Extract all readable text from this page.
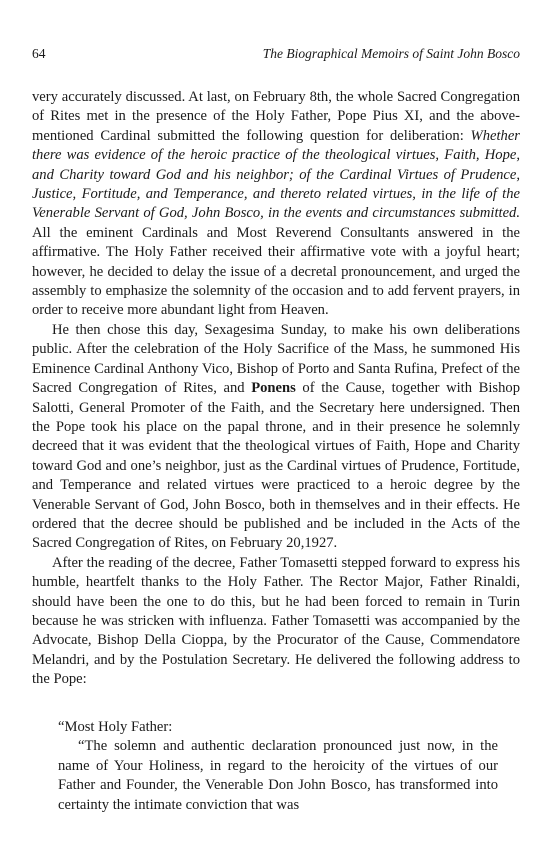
64	The Biographical Memoirs of Saint John Bosco

very accurately discussed. At last, on February 8th, the whole Sacred Congregation of Rites met in the presence of the Holy Father, Pope Pius XI, and the above-mentioned Cardinal submitted the following question for deliberation: Whether there was evidence of the heroic practice of the theological virtues, Faith, Hope, and Charity toward God and his neighbor; of the Cardinal Virtues of Prudence, Justice, Fortitude, and Temperance, and thereto related virtues, in the life of the Venerable Servant of God, John Bosco, in the events and circumstances submitted. All the eminent Cardinals and Most Reverend Consultants answered in the affirmative. The Holy Father received their affirmative vote with a joyful heart; however, he decided to delay the issue of a decretal pronouncement, and urged the assembly to emphasize the solemnity of the occasion and to add fervent prayers, in order to receive more abundant light from Heaven.

He then chose this day, Sexagesima Sunday, to make his own deliberations public. After the celebration of the Holy Sacrifice of the Mass, he summoned His Eminence Cardinal Anthony Vico, Bishop of Porto and Santa Rufina, Prefect of the Sacred Congregation of Rites, and Ponens of the Cause, together with Bishop Salotti, General Promoter of the Faith, and the Secretary here undersigned. Then the Pope took his place on the papal throne, and in their presence he solemnly decreed that it was evident that the theological virtues of Faith, Hope and Charity toward God and one’s neighbor, just as the Cardinal virtues of Prudence, Fortitude, and Temperance and related virtues were practiced to a heroic degree by the Venerable Servant of God, John Bosco, both in themselves and in their effects. He ordered that the decree should be published and be included in the Acts of the Sacred Congregation of Rites, on February 20,1927.

After the reading of the decree, Father Tomasetti stepped forward to express his humble, heartfelt thanks to the Holy Father. The Rector Major, Father Rinaldi, should have been the one to do this, but he had been forced to remain in Turin because he was stricken with influenza. Father Tomasetti was accompanied by the Advocate, Bishop Della Cioppa, by the Procurator of the Cause, Commendatore Melandri, and by the Postulation Secretary. He delivered the following address to the Pope:

“Most Holy Father:

“The solemn and authentic declaration pronounced just now, in the name of Your Holiness, in regard to the heroicity of the virtues of our Father and Founder, the Venerable Don John Bosco, has transformed into certainty the intimate conviction that was
